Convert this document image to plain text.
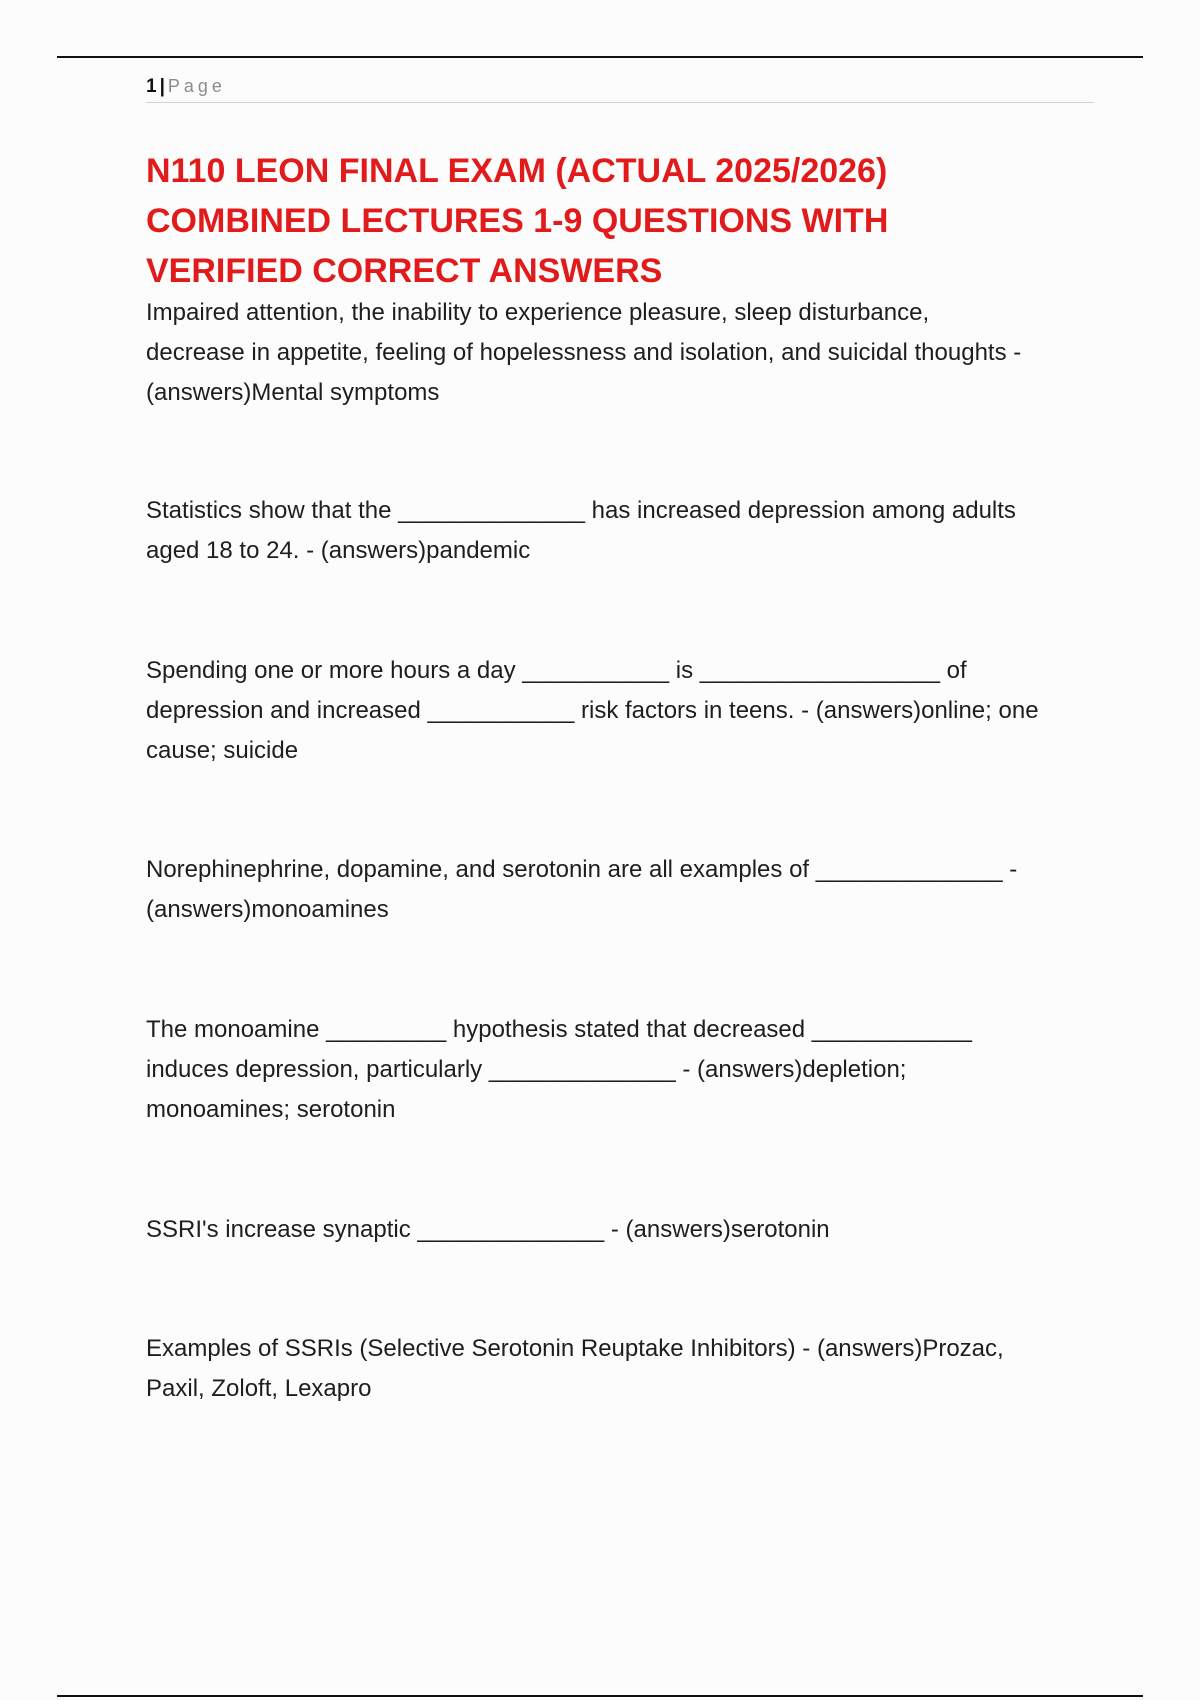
1 | Page
N110 LEON FINAL EXAM (ACTUAL 2025/2026)
COMBINED LECTURES 1-9 QUESTIONS WITH
VERIFIED CORRECT ANSWERS

Impaired attention, the inability to experience pleasure, sleep disturbance,
decrease in appetite, feeling of hopelessness and isolation, and suicidal thoughts -
(answers)Mental symptoms

Statistics show that the ______________ has increased depression among adults
aged 18 to 24. - (answers)pandemic

Spending one or more hours a day ___________ is __________________ of
depression and increased ___________ risk factors in teens. - (answers)online; one
cause; suicide

Norephinephrine, dopamine, and serotonin are all examples of ______________ -
(answers)monoamines

The monoamine _________ hypothesis stated that decreased ____________
induces depression, particularly ______________ - (answers)depletion;
monoamines; serotonin

SSRI's increase synaptic ______________ - (answers)serotonin

Examples of SSRIs (Selective Serotonin Reuptake Inhibitors) - (answers)Prozac,
Paxil, Zoloft, Lexapro
